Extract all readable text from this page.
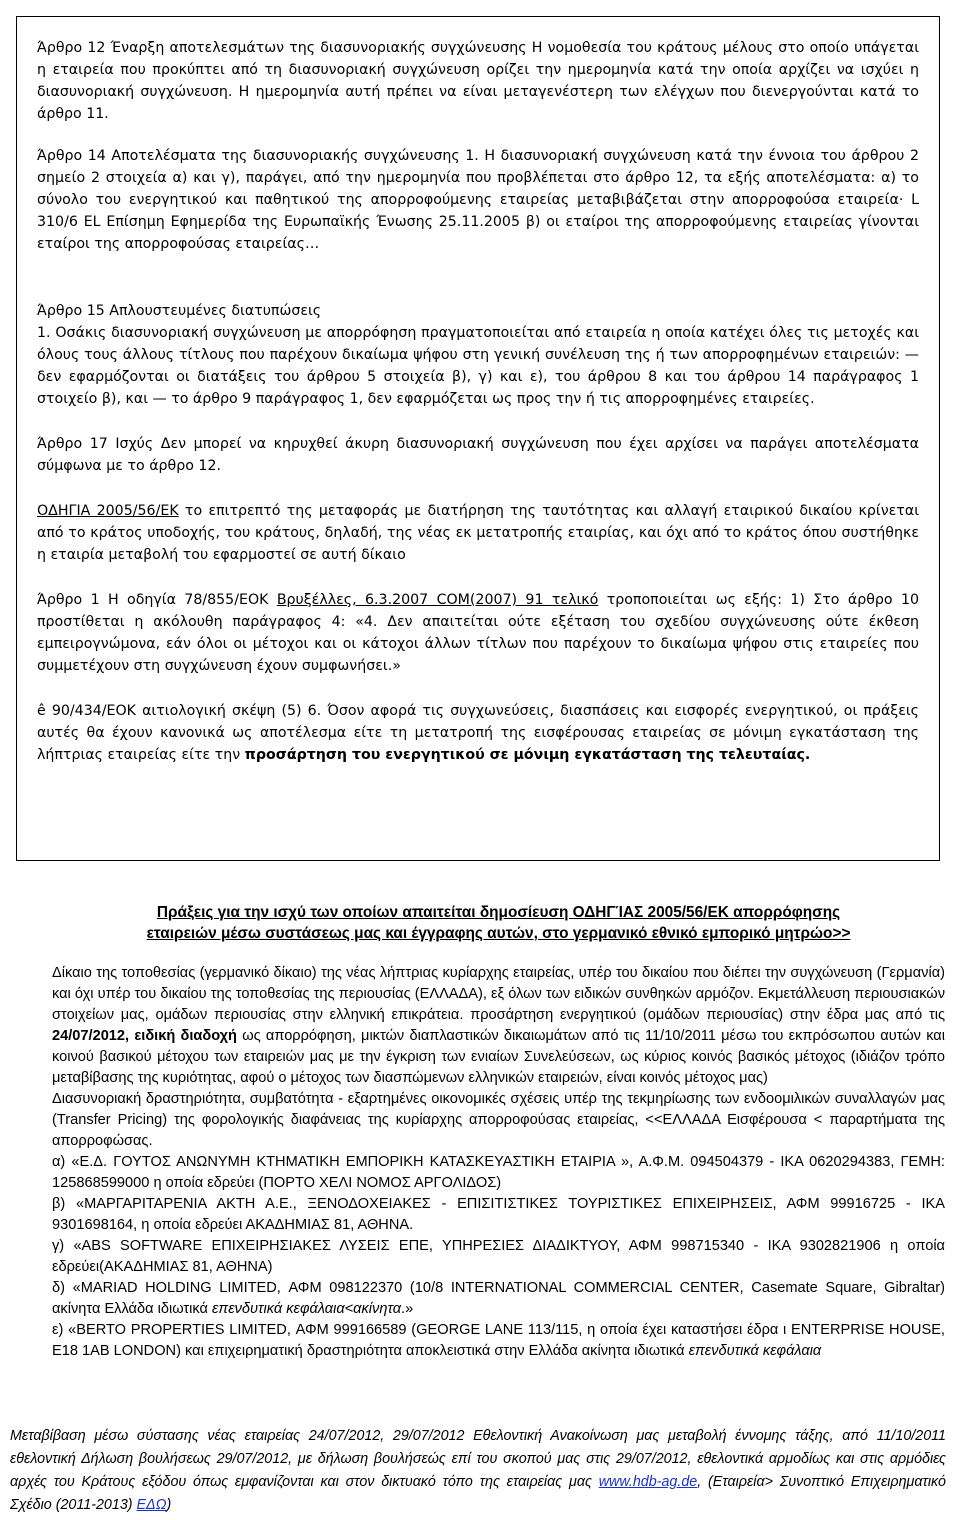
Άρθρο 12 Έναρξη αποτελεσμάτων της διασυνοριακής συγχώνευσης Η νομοθεσία του κράτους μέλους στο οποίο υπάγεται η εταιρεία που προκύπτει από τη διασυνοριακή συγχώνευση ορίζει την ημερομηνία κατά την οποία αρχίζει να ισχύει η διασυνοριακή συγχώνευση. Η ημερομηνία αυτή πρέπει να είναι μεταγενέστερη των ελέγχων που διενεργούνται κατά το άρθρο 11.

Άρθρο 14 Αποτελέσματα της διασυνοριακής συγχώνευσης 1. Η διασυνοριακή συγχώνευση κατά την έννοια του άρθρου 2 σημείο 2 στοιχεία α) και γ), παράγει, από την ημερομηνία που προβλέπεται στο άρθρο 12, τα εξής αποτελέσματα: α) το σύνολο του ενεργητικού και παθητικού της απορροφούμενης εταιρείας μεταβιβάζεται στην απορροφούσα εταιρεία· L 310/6 EL Επίσημη Εφημερίδα της Ευρωπαϊκής Ένωσης 25.11.2005 β) οι εταίροι της απορροφούμενης εταιρείας γίνονται εταίροι της απορροφούσας εταιρείας…

Άρθρο 15 Απλουστευμένες διατυπώσεις

1. Οσάκις διασυνοριακή συγχώνευση με απορρόφηση πραγματοποιείται από εταιρεία η οποία κατέχει όλες τις μετοχές και όλους τους άλλους τίτλους που παρέχουν δικαίωμα ψήφου στη γενική συνέλευση της ή των απορροφημένων εταιρειών: — δεν εφαρμόζονται οι διατάξεις του άρθρου 5 στοιχεία β), γ) και ε), του άρθρου 8 και του άρθρου 14 παράγραφος 1 στοιχείο β), και — το άρθρο 9 παράγραφος 1, δεν εφαρμόζεται ως προς την ή τις απορροφημένες εταιρείες.

Άρθρο 17 Ισχύς Δεν μπορεί να κηρυχθεί άκυρη διασυνοριακή συγχώνευση που έχει αρχίσει να παράγει αποτελέσματα σύμφωνα με το άρθρο 12.

ΟΔΗΓΙΑ 2005/56/ΕΚ το επιτρεπτό της μεταφοράς με διατήρηση της ταυτότητας και αλλαγή εταιρικού δικαίου κρίνεται από το κράτος υποδοχής, του κράτους, δηλαδή, της νέας εκ μετατροπής εταιρίας, και όχι από το κράτος όπου συστήθηκε η εταιρία μεταβολή του εφαρμοστεί σε αυτή δίκαιο

Άρθρο 1 Η οδηγία 78/855/ΕΟΚ Βρυξέλλες, 6.3.2007 COM(2007) 91 τελικό τροποποιείται ως εξής: 1) Στο άρθρο 10 προστίθεται η ακόλουθη παράγραφος 4: «4. Δεν απαιτείται ούτε εξέταση του σχεδίου συγχώνευσης ούτε έκθεση εμπειρογνώμονα, εάν όλοι οι μέτοχοι και οι κάτοχοι άλλων τίτλων που παρέχουν το δικαίωμα ψήφου στις εταιρείες που συμμετέχουν στη συγχώνευση έχουν συμφωνήσει.»

ê 90/434/ΕΟΚ αιτιολογική σκέψη (5) 6. Όσον αφορά τις συγχωνεύσεις, διασπάσεις και εισφορές ενεργητικού, οι πράξεις αυτές θα έχουν κανονικά ως αποτέλεσμα είτε τη μετατροπή της εισφέρουσας εταιρείας σε μόνιμη εγκατάσταση της λήπτριας εταιρείας είτε την προσάρτηση του ενεργητικού σε μόνιμη εγκατάσταση της τελευταίας.

Πράξεις για την ισχύ των οποίων απαιτείται δημοσίευση ΟΔΗΓΊΑΣ 2005/56/ΕΚ απορρόφησης
εταιρειών μέσω συστάσεως μας και έγγραφης αυτών, στο γερμανικό εθνικό εμπορικό μητρώο>>

Δίκαιο της τοποθεσίας (γερμανικό δίκαιο) της νέας λήπτριας κυρίαρχης εταιρείας, υπέρ του δικαίου που διέπει την συγχώνευση (Γερμανία) και όχι υπέρ του δικαίου της τοποθεσίας της περιουσίας (ΕΛΛΑΔΑ), εξ όλων των ειδικών συνθηκών αρμόζον. Εκμετάλλευση περιουσιακών στοιχείων μας, ομάδων περιουσίας στην ελληνική επικράτεια. προσάρτηση ενεργητικού (ομάδων περιουσίας) στην έδρα μας από τις 24/07/2012, ειδική διαδοχή ως απορρόφηση, μικτών διαπλαστικών δικαιωμάτων από τις 11/10/2011 μέσω του εκπρόσωπου αυτών και κοινού βασικού μέτοχου των εταιρειών μας με την έγκριση των ενιαίων Συνελεύσεων, ως κύριος κοινός βασικός μέτοχος (ιδιάζον τρόπο μεταβίβασης της κυριότητας, αφού ο μέτοχος των διασπώμενων ελληνικών εταιρειών, είναι κοινός μέτοχος μας)

Διασυνοριακή δραστηριότητα, συμβατότητα - εξαρτημένες οικονομικές σχέσεις υπέρ της τεκμηρίωσης των ενδοομιλικών συναλλαγών μας (Transfer Pricing) της φορολογικής διαφάνειας της κυρίαρχης απορροφούσας εταιρείας, <<ΕΛΛΑΔΑ Εισφέρουσα < παραρτήματα της απορροφώσας.

α) «Ε.Δ. ΓΟΥΤΟΣ ΑΝΩΝΥΜΗ ΚΤΗΜΑΤΙΚΗ ΕΜΠΟΡΙΚΗ ΚΑΤΑΣΚΕΥΑΣΤΙΚΗ ΕΤΑΙΡΙΑ », Α.Φ.Μ. 094504379 - ΙΚΑ 0620294383, ΓΕΜΗ: 125868599000 η οποία εδρεύει (ΠΟΡΤΟ ΧΕΛΙ ΝΟΜΟΣ ΑΡΓΟΛΙΔΟΣ)

β) «ΜΑΡΓΑΡΙΤΑΡΕΝΙΑ ΑΚΤΗ Α.Ε., ΞΕΝΟΔΟΧΕΙΑΚΕΣ - ΕΠΙΣΙΤΙΣΤΙΚΕΣ ΤΟΥΡΙΣΤΙΚΕΣ ΕΠΙΧΕΙΡΗΣΕΙΣ, ΑΦΜ 99916725 - ΙΚΑ 9301698164, η οποία εδρεύει ΑΚΑΔΗΜΙΑΣ 81, ΑΘΗΝΑ.

γ) «ABS SOFTWARE ΕΠΙΧΕΙΡΗΣΙΑΚΕΣ ΛΥΣΕΙΣ ΕΠΕ, ΥΠΗΡΕΣΙΕΣ ΔΙΑΔΙΚΤΥΟΥ, ΑΦΜ 998715340 - ΙΚΑ 9302821906 η οποία εδρεύει(ΑΚΑΔΗΜΙΑΣ 81, ΑΘΗΝΑ)

δ) «MARIAD HOLDING LIMITED, ΑΦΜ 098122370 (10/8 INTERNATIONAL COMMERCIAL CENTER, Casemate Square, Gibraltar) ακίνητα Ελλάδα ιδιωτικά επενδυτικά κεφάλαια<ακίνητα.»

ε) «BERTO PROPERTIES LIMITED, ΑΦΜ 999166589 (GEORGE LANE 113/115, η οποία έχει καταστήσει έδρα ι ENTERPRISE HOUSE, E18 1AB LONDON) και επιχειρηματική δραστηριότητα αποκλειστικά στην Ελλάδα ακίνητα ιδιωτικά επενδυτικά κεφάλαια

Μεταβίβαση μέσω σύστασης νέας εταιρείας 24/07/2012, 29/07/2012 Εθελοντική Ανακοίνωση μας μεταβολή έννομης τάξης, από 11/10/2011 εθελοντική Δήλωση βουλήσεως 29/07/2012, με δήλωση βουλήσεώς επί του σκοπού μας στις 29/07/2012, εθελοντικά αρμοδίως και στις αρμόδιες αρχές του Κράτους εξόδου όπως εμφανίζονται και στον δικτυακό τόπο της εταιρείας μας www.hdb-ag.de, (Εταιρεία> Συνοπτικό Επιχειρηματικό Σχέδιο (2011-2013) ΕΔΩ)
